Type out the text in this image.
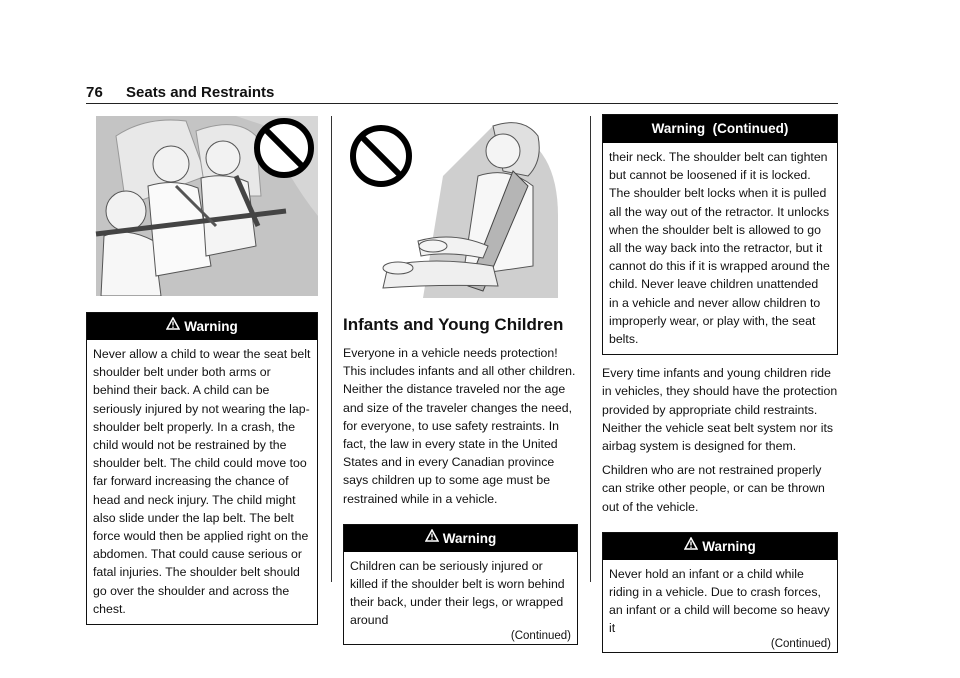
76 Seats and Restraints
Warning
Never allow a child to wear the seat belt shoulder belt under both arms or behind their back. A child can be seriously injured by not wearing the lap-shoulder belt properly. In a crash, the child would not be restrained by the shoulder belt. The child could move too far forward increasing the chance of head and neck injury. The child might also slide under the lap belt. The belt force would then be applied right on the abdomen. That could cause serious or fatal injuries. The shoulder belt should go over the shoulder and across the chest.
Infants and Young Children

Everyone in a vehicle needs protection! This includes infants and all other children. Neither the distance traveled nor the age and size of the traveler changes the need, for everyone, to use safety restraints. In fact, the law in every state in the United States and in every Canadian province says children up to some age must be restrained while in a vehicle.

Warning
Children can be seriously injured or killed if the shoulder belt is worn behind their back, under their legs, or wrapped around
(Continued)
Warning  (Continued)
their neck. The shoulder belt can tighten but cannot be loosened if it is locked. The shoulder belt locks when it is pulled all the way out of the retractor. It unlocks when the shoulder belt is allowed to go all the way back into the retractor, but it cannot do this if it is wrapped around the child. Never leave children unattended in a vehicle and never allow children to improperly wear, or play with, the seat belts.

Every time infants and young children ride in vehicles, they should have the protection provided by appropriate child restraints. Neither the vehicle seat belt system nor its airbag system is designed for them.

Children who are not restrained properly can strike other people, or can be thrown out of the vehicle.

Warning
Never hold an infant or a child while riding in a vehicle. Due to crash forces, an infant or a child will become so heavy it
(Continued)
